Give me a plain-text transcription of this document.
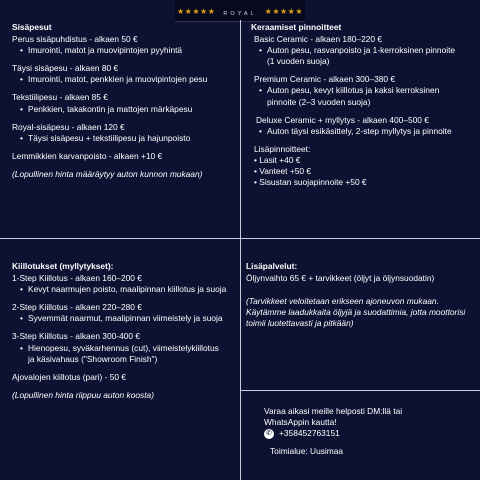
★★★★★	★★★★★
ROYAL
Sisäpesut
Perus sisäpuhdistus - alkaen 50 €
• Imurointi, matot ja muovipintojen pyyhintä
Täysi sisäpesu - alkaen 80 €
• Imurointi, matot, penkkien ja muovipintojen pesu
Tekstiilipesu - alkaen 85 €
• Penkkien, takakontin ja mattojen märkäpesu
Royal-sisäpesu - alkaen 120 €
• Täysi sisäpesu + tekstiilipesu ja hajunpoisto
Lemmikkien karvanpoisto - alkaen +10 €
(Lopullinen hinta määräytyy auton kunnon mukaan)
Keraamiset pinnoitteet
Basic Ceramic - alkaen 180–220 €
• Auton pesu, rasvanpoisto ja 1-kerroksinen pinnoite
(1 vuoden suoja)
Premium Ceramic - alkaen 300–380 €
• Auton pesu, kevyt kiillotus ja kaksi kerroksinen
pinnoite (2–3 vuoden suoja)
Deluxe Ceramic + myllytys - alkaen 400–500 €
• Auton täysi esikäsittely, 2-step myllytys ja pinnoite
Lisäpinnoitteet:
• Lasit +40 €
• Vanteet +50 €
• Sisustan suojapinnoite +50 €
Kiillotukset (myllytykset):
1-Step Kiillotus - alkaen 160–200 €
• Kevyt naarmujen poisto, maalipinnan kiillotus ja suoja
2-Step Kiillotus - alkaen 220–280 €
• Syvemmät naarmut, maalipinnan viimeistely ja suoja
3-Step Kiillotus - alkaen 300-400 €
• Hienopesu, syväkarhennus (cut), viimeistelykiillotus
ja käsivahaus ("Showroom Finish")
Ajovalojen kiillotus (pari) - 50 €
(Lopullinen hinta riippuu auton koosta)
Lisäpalvelut:
Öljynvaihto 65 € + tarvikkeet (öljyt ja öljynsuodatin)
(Tarvikkeet veloitetaan erikseen ajoneuvon mukaan. Käytämme laadukkaita öljyjä ja suodattimia, jotta moottorisi toimii luotettavasti ja pitkään)
Varaa aikasi meille helposti DM:llä tai
WhatsAppin kautta!
✆ +358452763151
Toimialue: Uusimaa
